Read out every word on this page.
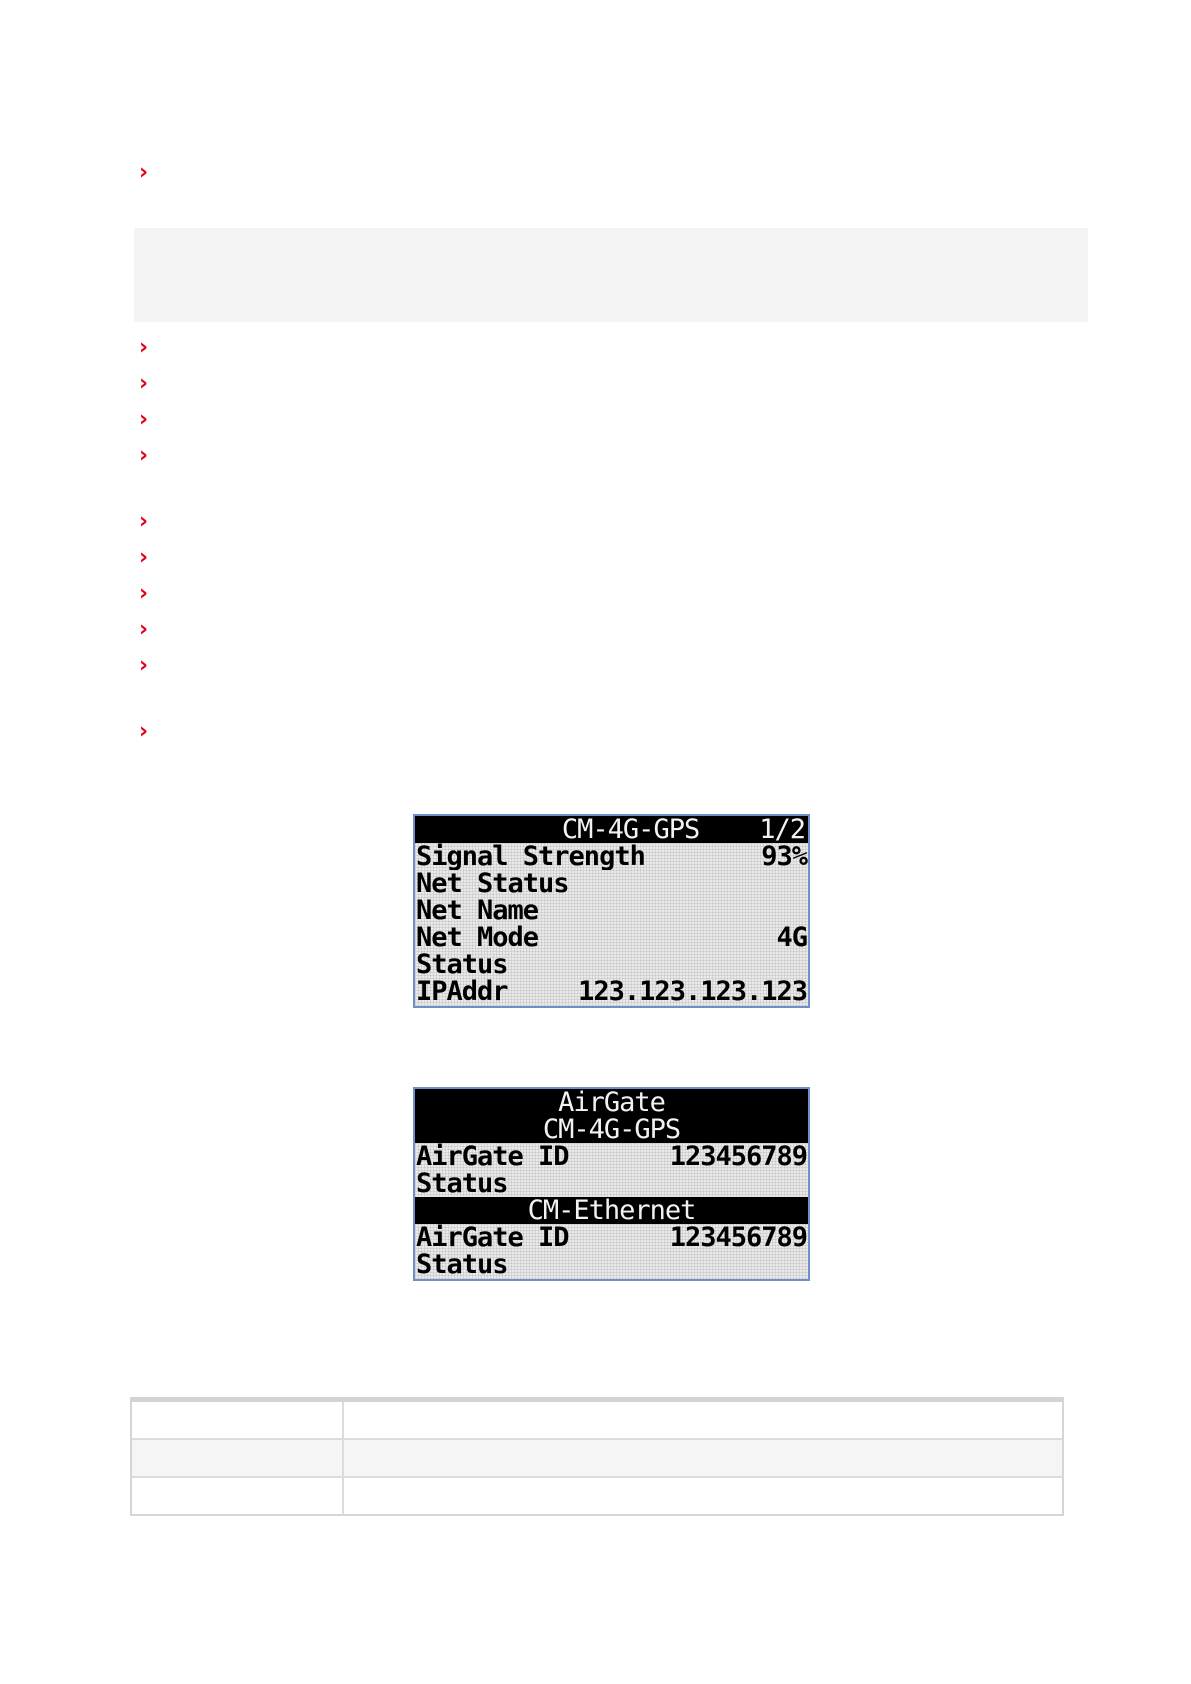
›
›
›
›
›
›
›
›
›
›
›
CM-4G-GPS 1/2
Signal Strength	93%
Net Status
Net Name
Net Mode	4G
Status
IPAddr	123.123.123.123
AirGate
CM-4G-GPS
AirGate ID	123456789
Status
CM-Ethernet
AirGate ID	123456789
Status
